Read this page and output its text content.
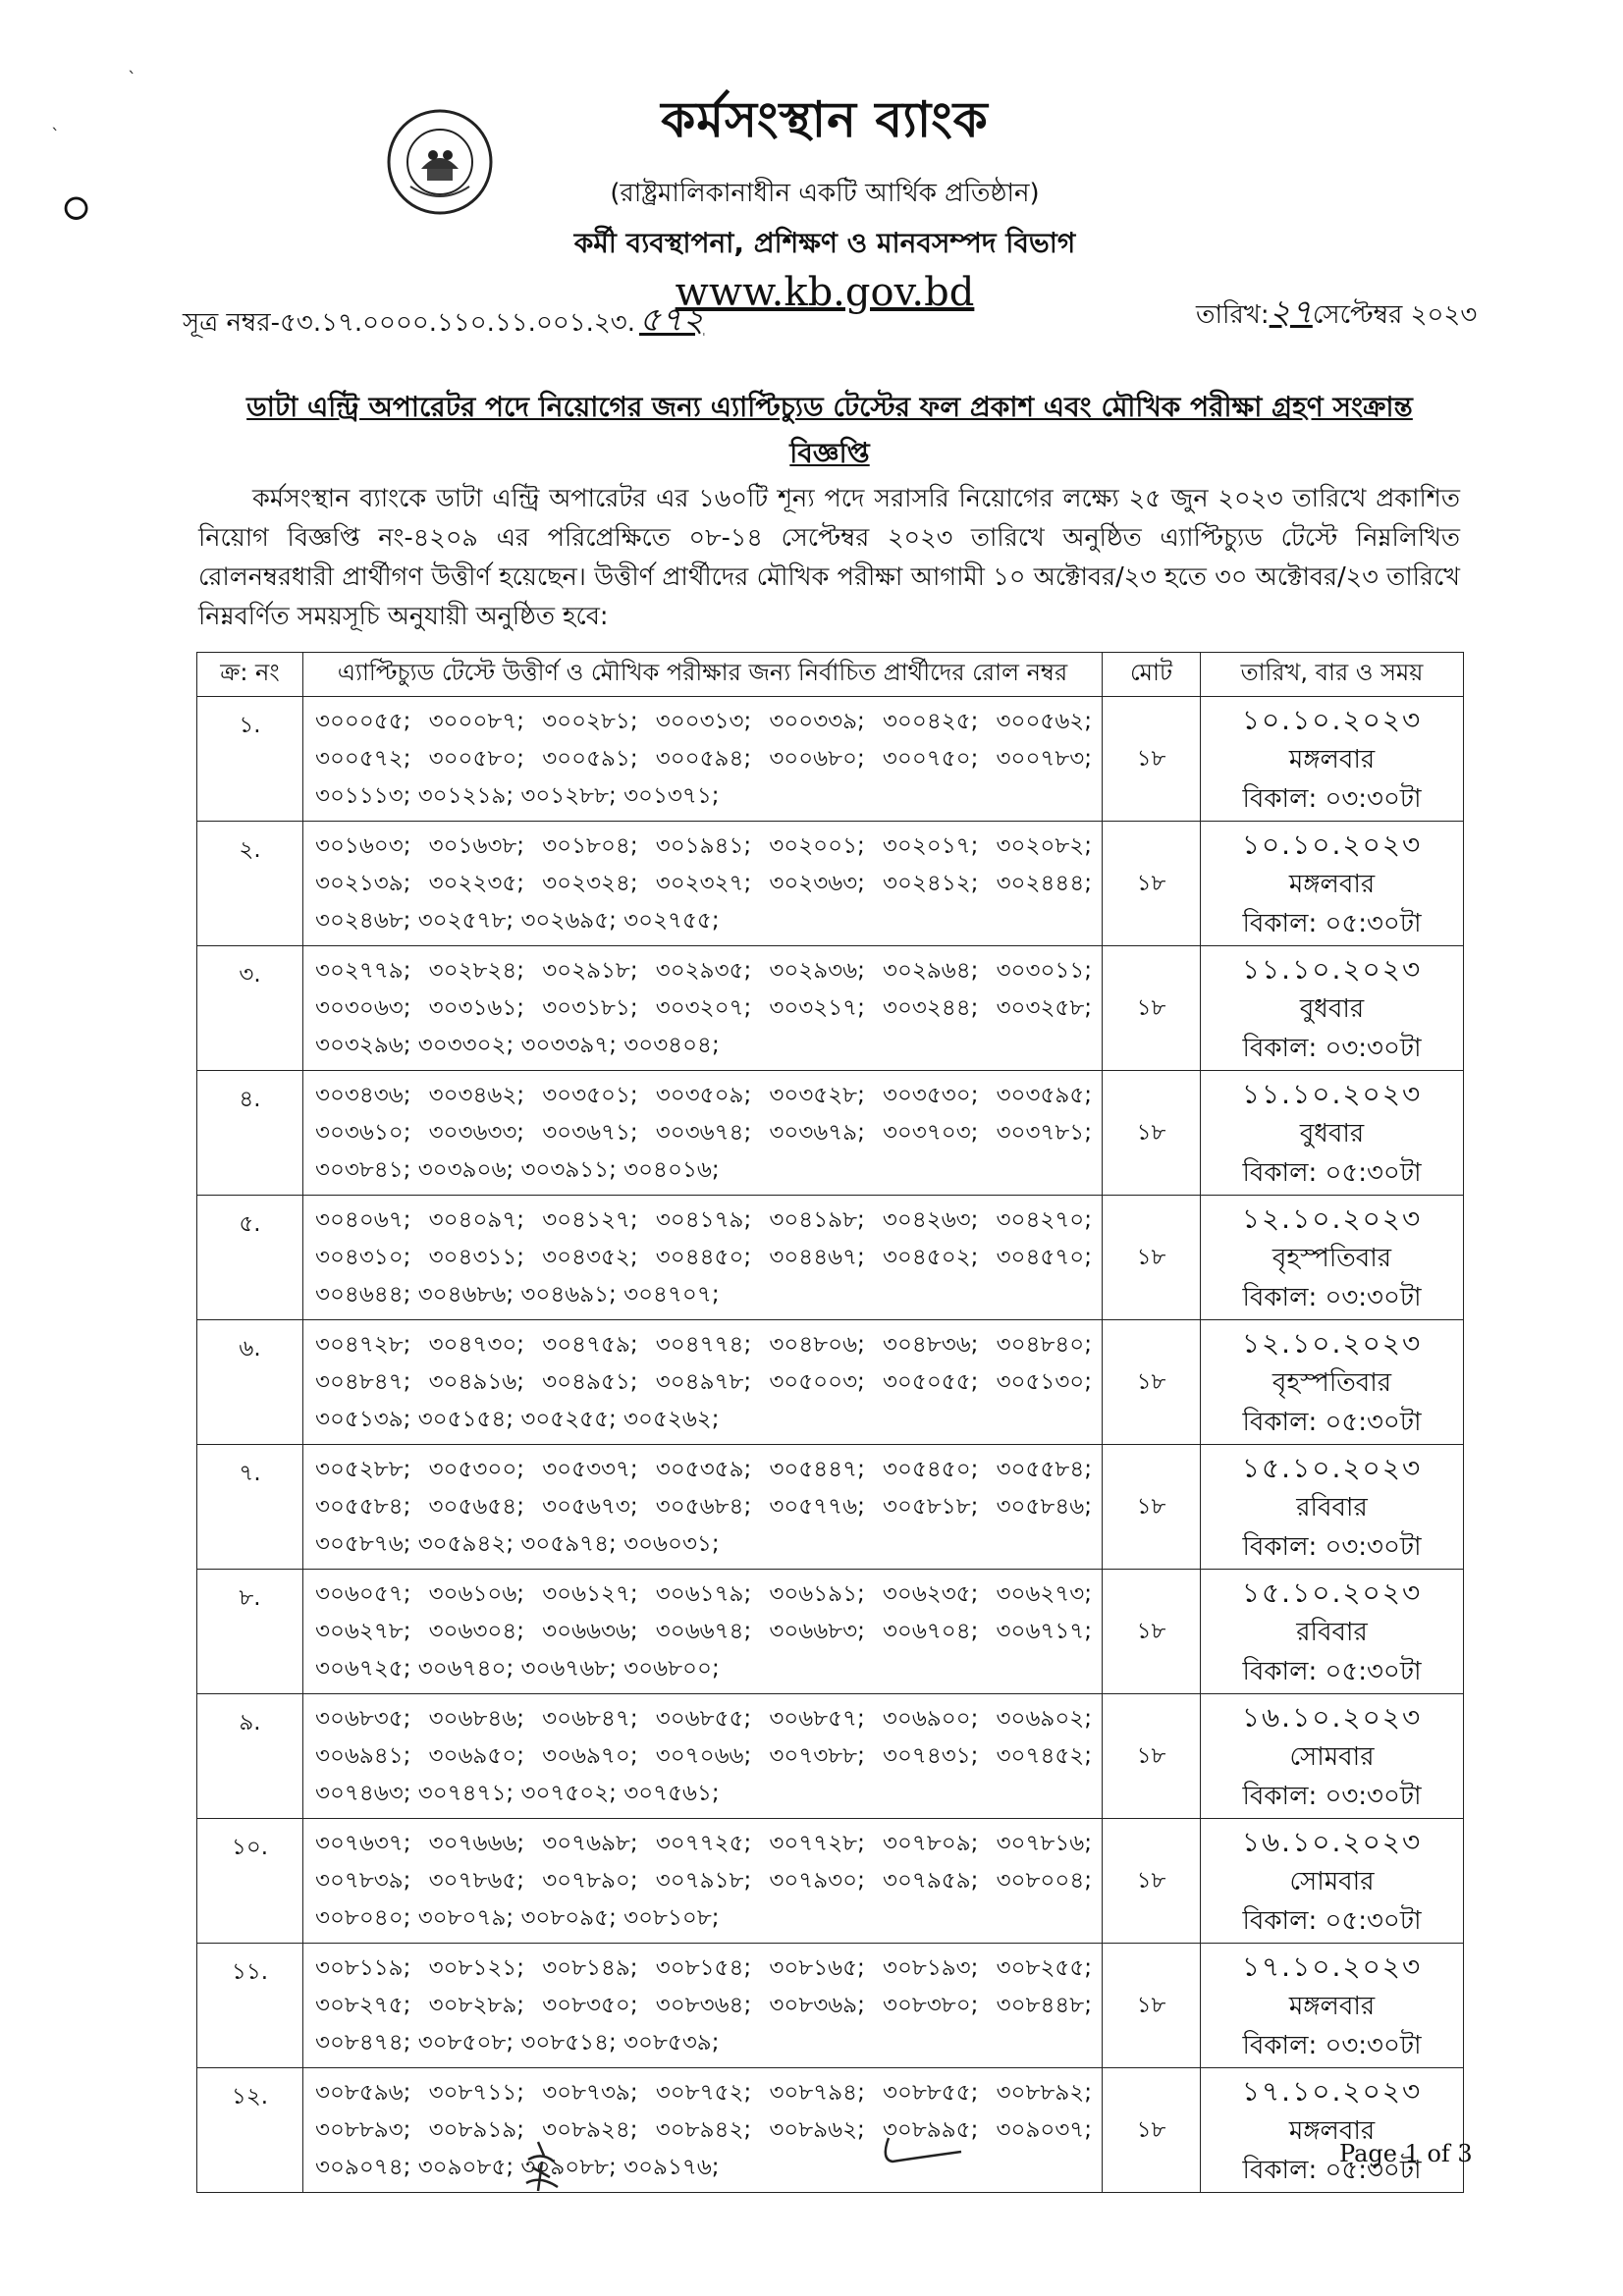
ˋ
ˋ
০
কর্মসংস্থান ব্যাংক
(রাষ্ট্রমালিকানাধীন একটি আর্থিক প্রতিষ্ঠান)
কর্মী ব্যবস্থাপনা, প্রশিক্ষণ ও মানবসম্পদ বিভাগ
www.kb.gov.bd
সূত্র নম্বর-৫৩.১৭.০০০০.১১০.১১.০০১.২৩. ৫৭২	তারিখ:২৭সেপ্টেম্বর ২০২৩
ডাটা এন্ট্রি অপারেটর পদে নিয়োগের জন্য এ্যাপ্টিচ্যুড টেস্টের ফল প্রকাশ এবং মৌখিক পরীক্ষা গ্রহণ সংক্রান্ত বিজ্ঞপ্তি
কর্মসংস্থান ব্যাংকে ডাটা এন্ট্রি অপারেটর এর ১৬০টি শূন্য পদে সরাসরি নিয়োগের লক্ষ্যে ২৫ জুন ২০২৩ তারিখে প্রকাশিত নিয়োগ বিজ্ঞপ্তি নং-৪২০৯ এর পরিপ্রেক্ষিতে ০৮-১৪ সেপ্টেম্বর ২০২৩ তারিখে অনুষ্ঠিত এ্যাপ্টিচ্যুড টেস্টে নিম্নলিখিত রোলনম্বরধারী প্রার্থীগণ উত্তীর্ণ হয়েছেন। উত্তীর্ণ প্রার্থীদের মৌখিক পরীক্ষা আগামী ১০ অক্টোবর/২৩ হতে ৩০ অক্টোবর/২৩ তারিখে নিম্নবর্ণিত সময়সূচি অনুযায়ী অনুষ্ঠিত হবে:
ক্র: নং	এ্যাপ্টিচ্যুড টেস্টে উত্তীর্ণ ও মৌখিক পরীক্ষার জন্য নির্বাচিত প্রার্থীদের রোল নম্বর	মোট	তারিখ, বার ও সময়
১.	৩০০০৫৫; ৩০০০৮৭; ৩০০২৮১; ৩০০৩১৩; ৩০০৩৩৯; ৩০০৪২৫; ৩০০৫৬২; ৩০০৫৭২; ৩০০৫৮০; ৩০০৫৯১; ৩০০৫৯৪; ৩০০৬৮০; ৩০০৭৫০; ৩০০৭৮৩; ৩০১১১৩; ৩০১২১৯; ৩০১২৮৮; ৩০১৩৭১;	১৮	১০.১০.২০২৩
মঙ্গলবার
বিকাল: ০৩:৩০টা

২.	৩০১৬০৩; ৩০১৬৩৮; ৩০১৮০৪; ৩০১৯৪১; ৩০২০০১; ৩০২০১৭; ৩০২০৮২; ৩০২১৩৯; ৩০২২৩৫; ৩০২৩২৪; ৩০২৩২৭; ৩০২৩৬৩; ৩০২৪১২; ৩০২৪৪৪; ৩০২৪৬৮; ৩০২৫৭৮; ৩০২৬৯৫; ৩০২৭৫৫;	১৮	১০.১০.২০২৩
মঙ্গলবার
বিকাল: ০৫:৩০টা

৩.	৩০২৭৭৯; ৩০২৮২৪; ৩০২৯১৮; ৩০২৯৩৫; ৩০২৯৩৬; ৩০২৯৬৪; ৩০৩০১১; ৩০৩০৬৩; ৩০৩১৬১; ৩০৩১৮১; ৩০৩২০৭; ৩০৩২১৭; ৩০৩২৪৪; ৩০৩২৫৮; ৩০৩২৯৬; ৩০৩৩০২; ৩০৩৩৯৭; ৩০৩৪০৪;	১৮	১১.১০.২০২৩
বুধবার
বিকাল: ০৩:৩০টা

৪.	৩০৩৪৩৬; ৩০৩৪৬২; ৩০৩৫০১; ৩০৩৫০৯; ৩০৩৫২৮; ৩০৩৫৩০; ৩০৩৫৯৫; ৩০৩৬১০; ৩০৩৬৩৩; ৩০৩৬৭১; ৩০৩৬৭৪; ৩০৩৬৭৯; ৩০৩৭০৩; ৩০৩৭৮১; ৩০৩৮৪১; ৩০৩৯০৬; ৩০৩৯১১; ৩০৪০১৬;	১৮	১১.১০.২০২৩
বুধবার
বিকাল: ০৫:৩০টা

৫.	৩০৪০৬৭; ৩০৪০৯৭; ৩০৪১২৭; ৩০৪১৭৯; ৩০৪১৯৮; ৩০৪২৬৩; ৩০৪২৭০; ৩০৪৩১০; ৩০৪৩১১; ৩০৪৩৫২; ৩০৪৪৫০; ৩০৪৪৬৭; ৩০৪৫০২; ৩০৪৫৭০; ৩০৪৬৪৪; ৩০৪৬৮৬; ৩০৪৬৯১; ৩০৪৭০৭;	১৮	১২.১০.২০২৩
বৃহস্পতিবার
বিকাল: ০৩:৩০টা

৬.	৩০৪৭২৮; ৩০৪৭৩০; ৩০৪৭৫৯; ৩০৪৭৭৪; ৩০৪৮০৬; ৩০৪৮৩৬; ৩০৪৮৪০; ৩০৪৮৪৭; ৩০৪৯১৬; ৩০৪৯৫১; ৩০৪৯৭৮; ৩০৫০০৩; ৩০৫০৫৫; ৩০৫১৩০; ৩০৫১৩৯; ৩০৫১৫৪; ৩০৫২৫৫; ৩০৫২৬২;	১৮	১২.১০.২০২৩
বৃহস্পতিবার
বিকাল: ০৫:৩০টা

৭.	৩০৫২৮৮; ৩০৫৩০০; ৩০৫৩৩৭; ৩০৫৩৫৯; ৩০৫৪৪৭; ৩০৫৪৫০; ৩০৫৫৮৪; ৩০৫৫৮৪; ৩০৫৬৫৪; ৩০৫৬৭৩; ৩০৫৬৮৪; ৩০৫৭৭৬; ৩০৫৮১৮; ৩০৫৮৪৬; ৩০৫৮৭৬; ৩০৫৯৪২; ৩০৫৯৭৪; ৩০৬০৩১;	১৮	১৫.১০.২০২৩
রবিবার
বিকাল: ০৩:৩০টা

৮.	৩০৬০৫৭; ৩০৬১০৬; ৩০৬১২৭; ৩০৬১৭৯; ৩০৬১৯১; ৩০৬২৩৫; ৩০৬২৭৩; ৩০৬২৭৮; ৩০৬৩০৪; ৩০৬৬৩৬; ৩০৬৬৭৪; ৩০৬৬৮৩; ৩০৬৭০৪; ৩০৬৭১৭; ৩০৬৭২৫; ৩০৬৭৪০; ৩০৬৭৬৮; ৩০৬৮০০;	১৮	১৫.১০.২০২৩
রবিবার
বিকাল: ০৫:৩০টা

৯.	৩০৬৮৩৫; ৩০৬৮৪৬; ৩০৬৮৪৭; ৩০৬৮৫৫; ৩০৬৮৫৭; ৩০৬৯০০; ৩০৬৯০২; ৩০৬৯৪১; ৩০৬৯৫০; ৩০৬৯৭০; ৩০৭০৬৬; ৩০৭৩৮৮; ৩০৭৪৩১; ৩০৭৪৫২; ৩০৭৪৬৩; ৩০৭৪৭১; ৩০৭৫০২; ৩০৭৫৬১;	১৮	১৬.১০.২০২৩
সোমবার
বিকাল: ০৩:৩০টা

১০.	৩০৭৬৩৭; ৩০৭৬৬৬; ৩০৭৬৯৮; ৩০৭৭২৫; ৩০৭৭২৮; ৩০৭৮০৯; ৩০৭৮১৬; ৩০৭৮৩৯; ৩০৭৮৬৫; ৩০৭৮৯০; ৩০৭৯১৮; ৩০৭৯৩০; ৩০৭৯৫৯; ৩০৮০০৪; ৩০৮০৪০; ৩০৮০৭৯; ৩০৮০৯৫; ৩০৮১০৮;	১৮	১৬.১০.২০২৩
সোমবার
বিকাল: ০৫:৩০টা

১১.	৩০৮১১৯; ৩০৮১২১; ৩০৮১৪৯; ৩০৮১৫৪; ৩০৮১৬৫; ৩০৮১৯৩; ৩০৮২৫৫; ৩০৮২৭৫; ৩০৮২৮৯; ৩০৮৩৫০; ৩০৮৩৬৪; ৩০৮৩৬৯; ৩০৮৩৮০; ৩০৮৪৪৮; ৩০৮৪৭৪; ৩০৮৫০৮; ৩০৮৫১৪; ৩০৮৫৩৯;	১৮	১৭.১০.২০২৩
মঙ্গলবার
বিকাল: ০৩:৩০টা

১২.	৩০৮৫৯৬; ৩০৮৭১১; ৩০৮৭৩৯; ৩০৮৭৫২; ৩০৮৭৯৪; ৩০৮৮৫৫; ৩০৮৮৯২; ৩০৮৮৯৩; ৩০৮৯১৯; ৩০৮৯২৪; ৩০৮৯৪২; ৩০৮৯৬২; ৩০৮৯৯৫; ৩০৯০৩৭; ৩০৯০৭৪; ৩০৯০৮৫; ৩০৯০৮৮; ৩০৯১৭৬;	১৮	১৭.১০.২০২৩
মঙ্গলবার
বিকাল: ০৫:৩০টা
Page 1 of 3
